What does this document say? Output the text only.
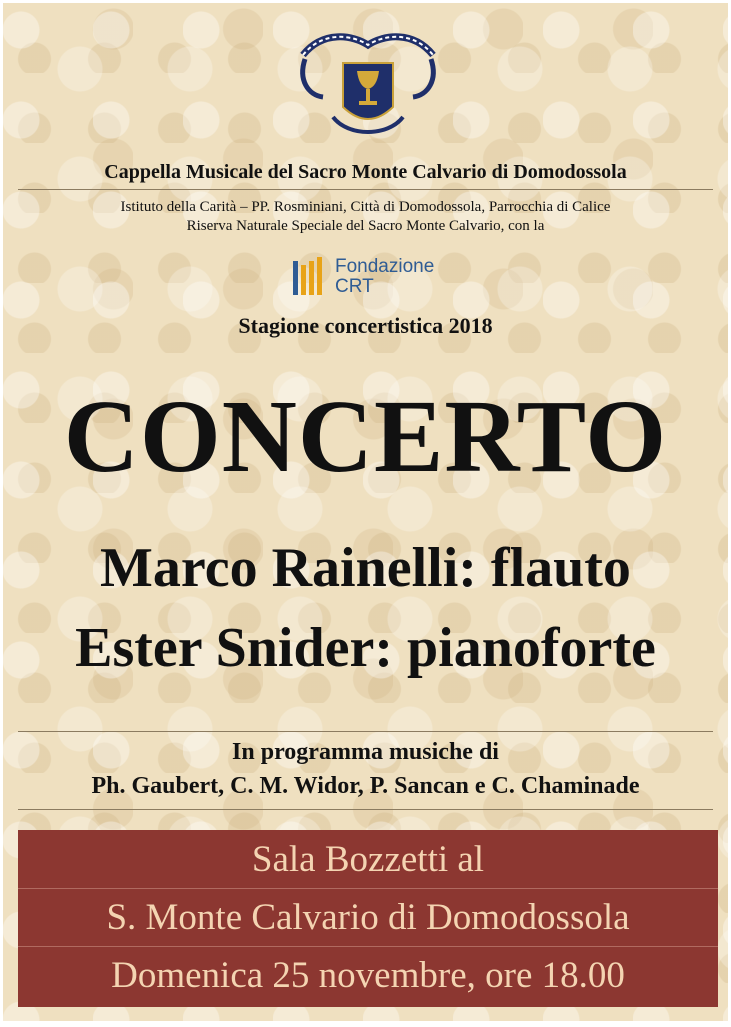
Cappella Musicale del Sacro Monte Calvario di Domodossola
Istituto della Carità – PP. Rosminiani, Città di Domodossola, Parrocchia di Calice
Riserva Naturale Speciale del Sacro Monte Calvario, con la
Fondazione
CRT
Stagione concertistica 2018
CONCERTO
Marco Rainelli: flauto
Ester Snider: pianoforte
In programma musiche di
Ph. Gaubert, C. M. Widor, P. Sancan e C. Chaminade
Sala Bozzetti al
S. Monte Calvario di Domodossola
Domenica 25 novembre, ore 18.00
